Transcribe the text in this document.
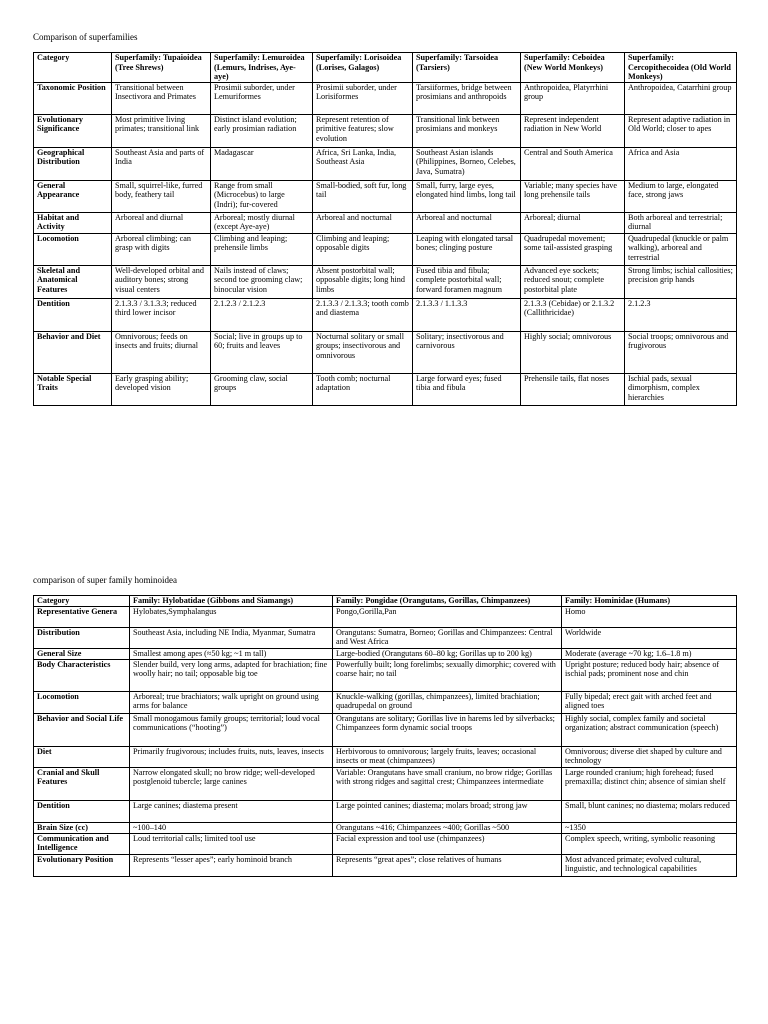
Comparison of superfamilies
Category	Superfamily: Tupaioidea (Tree Shrews)	Superfamily: Lemuroidea (Lemurs, Indrises, Aye-aye)	Superfamily: Lorisoidea (Lorises, Galagos)	Superfamily: Tarsoidea (Tarsiers)	Superfamily: Ceboidea (New World Monkeys)	Superfamily: Cercopithecoidea (Old World Monkeys)
Taxonomic Position	Transitional between Insectivora and Primates	Prosimii suborder, under Lemuriformes	Prosimii suborder, under Lorisiformes	Tarsiiformes, bridge between prosimians and anthropoids	Anthropoidea, Platyrrhini group	Anthropoidea, Catarrhini group
Evolutionary Significance	Most primitive living primates; transitional link	Distinct island evolution; early prosimian radiation	Represent retention of primitive features; slow evolution	Transitional link between prosimians and monkeys	Represent independent radiation in New World	Represent adaptive radiation in Old World; closer to apes
Geographical Distribution	Southeast Asia and parts of India	Madagascar	Africa, Sri Lanka, India, Southeast Asia	Southeast Asian islands (Philippines, Borneo, Celebes, Java, Sumatra)	Central and South America	Africa and Asia
General Appearance	Small, squirrel-like, furred body, feathery tail	Range from small (Microcebus) to large (Indri); fur-covered	Small-bodied, soft fur, long tail	Small, furry, large eyes, elongated hind limbs, long tail	Variable; many species have long prehensile tails	Medium to large, elongated face, strong jaws
Habitat and Activity	Arboreal and diurnal	Arboreal; mostly diurnal (except Aye-aye)	Arboreal and nocturnal	Arboreal and nocturnal	Arboreal; diurnal	Both arboreal and terrestrial; diurnal
Locomotion	Arboreal climbing; can grasp with digits	Climbing and leaping; prehensile limbs	Climbing and leaping; opposable digits	Leaping with elongated tarsal bones; clinging posture	Quadrupedal movement; some tail-assisted grasping	Quadrupedal (knuckle or palm walking), arboreal and terrestrial
Skeletal and Anatomical Features	Well-developed orbital and auditory bones; strong visual centers	Nails instead of claws; second toe grooming claw; binocular vision	Absent postorbital wall; opposable digits; long hind limbs	Fused tibia and fibula; complete postorbital wall; forward foramen magnum	Advanced eye sockets; reduced snout; complete postorbital plate	Strong limbs; ischial callosities; precision grip hands
Dentition	2.1.3.3 / 3.1.3.3; reduced third lower incisor	2.1.2.3 / 2.1.2.3	2.1.3.3 / 2.1.3.3; tooth comb and diastema	2.1.3.3 / 1.1.3.3	2.1.3.3 (Cebidae) or 2.1.3.2 (Callithricidae)	2.1.2.3
Behavior and Diet	Omnivorous; feeds on insects and fruits; diurnal	Social; live in groups up to 60; fruits and leaves	Nocturnal solitary or small groups; insectivorous and omnivorous	Solitary; insectivorous and carnivorous	Highly social; omnivorous	Social troops; omnivorous and frugivorous
Notable Special Traits	Early grasping ability; developed vision	Grooming claw, social groups	Tooth comb; nocturnal adaptation	Large forward eyes; fused tibia and fibula	Prehensile tails, flat noses	Ischial pads, sexual dimorphism, complex hierarchies
comparison of super family hominoidea
Category	Family: Hylobatidae (Gibbons and Siamangs)	Family: Pongidae (Orangutans, Gorillas, Chimpanzees)	Family: Hominidae (Humans)
Representative Genera	Hylobates,Symphalangus	Pongo,Gorilla,Pan	Homo
Distribution	Southeast Asia, including NE India, Myanmar, Sumatra	Orangutans: Sumatra, Borneo; Gorillas and Chimpanzees: Central and West Africa	Worldwide
General Size	Smallest among apes (≈50 kg; ~1 m tall)	Large-bodied (Orangutans 60–80 kg; Gorillas up to 200 kg)	Moderate (average ~70 kg; 1.6–1.8 m)
Body Characteristics	Slender build, very long arms, adapted for brachiation; fine woolly hair; no tail; opposable big toe	Powerfully built; long forelimbs; sexually dimorphic; covered with coarse hair; no tail	Upright posture; reduced body hair; absence of ischial pads; prominent nose and chin
Locomotion	Arboreal; true brachiators; walk upright on ground using arms for balance	Knuckle-walking (gorillas, chimpanzees), limited brachiation; quadrupedal on ground	Fully bipedal; erect gait with arched feet and aligned toes
Behavior and Social Life	Small monogamous family groups; territorial; loud vocal communications (“hooting”)	Orangutans are solitary; Gorillas live in harems led by silverbacks; Chimpanzees form dynamic social troops	Highly social, complex family and societal organization; abstract communication (speech)
Diet	Primarily frugivorous; includes fruits, nuts, leaves, insects	Herbivorous to omnivorous; largely fruits, leaves; occasional insects or meat (chimpanzees)	Omnivorous; diverse diet shaped by culture and technology
Cranial and Skull Features	Narrow elongated skull; no brow ridge; well-developed postglenoid tubercle; large canines	Variable: Orangutans have small cranium, no brow ridge; Gorillas with strong ridges and sagittal crest; Chimpanzees intermediate	Large rounded cranium; high forehead; fused premaxilla; distinct chin; absence of simian shelf
Dentition	Large canines; diastema present	Large pointed canines; diastema; molars broad; strong jaw	Small, blunt canines; no diastema; molars reduced
Brain Size (cc)	~100–140	Orangutans ~416; Chimpanzees ~400; Gorillas ~500	~1350
Communication and Intelligence	Loud territorial calls; limited tool use	Facial expression and tool use (chimpanzees)	Complex speech, writing, symbolic reasoning
Evolutionary Position	Represents “lesser apes”; early hominoid branch	Represents “great apes”; close relatives of humans	Most advanced primate; evolved cultural, linguistic, and technological capabilities
